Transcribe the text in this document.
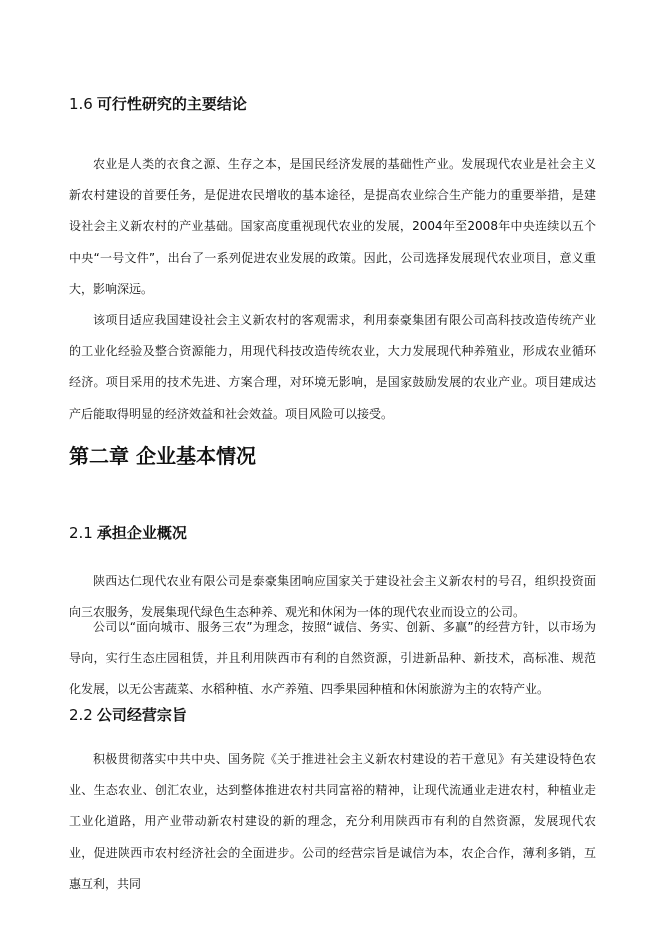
1.6 可行性研究的主要结论

农业是人类的衣食之源、生存之本，是国民经济发展的基础性产业。发展现代农业是社会主义新农村建设的首要任务，是促进农民增收的基本途径，是提高农业综合生产能力的重要举措，是建设社会主义新农村的产业基础。国家高度重视现代农业的发展，2004年至2008年中央连续以五个中央“一号文件”，出台了一系列促进农业发展的政策。因此，公司选择发展现代农业项目，意义重大，影响深远。

该项目适应我国建设社会主义新农村的客观需求，利用泰豪集团有限公司高科技改造传统产业的工业化经验及整合资源能力，用现代科技改造传统农业，大力发展现代种养殖业，形成农业循环经济。项目采用的技术先进、方案合理，对环境无影响，是国家鼓励发展的农业产业。项目建成达产后能取得明显的经济效益和社会效益。项目风险可以接受。

第二章 企业基本情况
2.1 承担企业概况

陕西达仁现代农业有限公司是泰豪集团响应国家关于建设社会主义新农村的号召，组织投资面向三农服务，发展集现代绿色生态种养、观光和休闲为一体的现代农业而设立的公司。

公司以“面向城市、服务三农”为理念，按照“诚信、务实、创新、多赢”的经营方针，以市场为导向，实行生态庄园租赁，并且利用陕西市有利的自然资源，引进新品种、新技术，高标准、规范化发展，以无公害蔬菜、水稻种植、水产养殖、四季果园种植和休闲旅游为主的农特产业。

2.2 公司经营宗旨

积极贯彻落实中共中央、国务院《关于推进社会主义新农村建设的若干意见》有关建设特色农业、生态农业、创汇农业，达到整体推进农村共同富裕的精神，让现代流通业走进农村，种植业走工业化道路，用产业带动新农村建设的新的理念，充分利用陕西市有利的自然资源，发展现代农业，促进陕西市农村经济社会的全面进步。公司的经营宗旨是诚信为本，农企合作，薄利多销，互惠互利，共同
